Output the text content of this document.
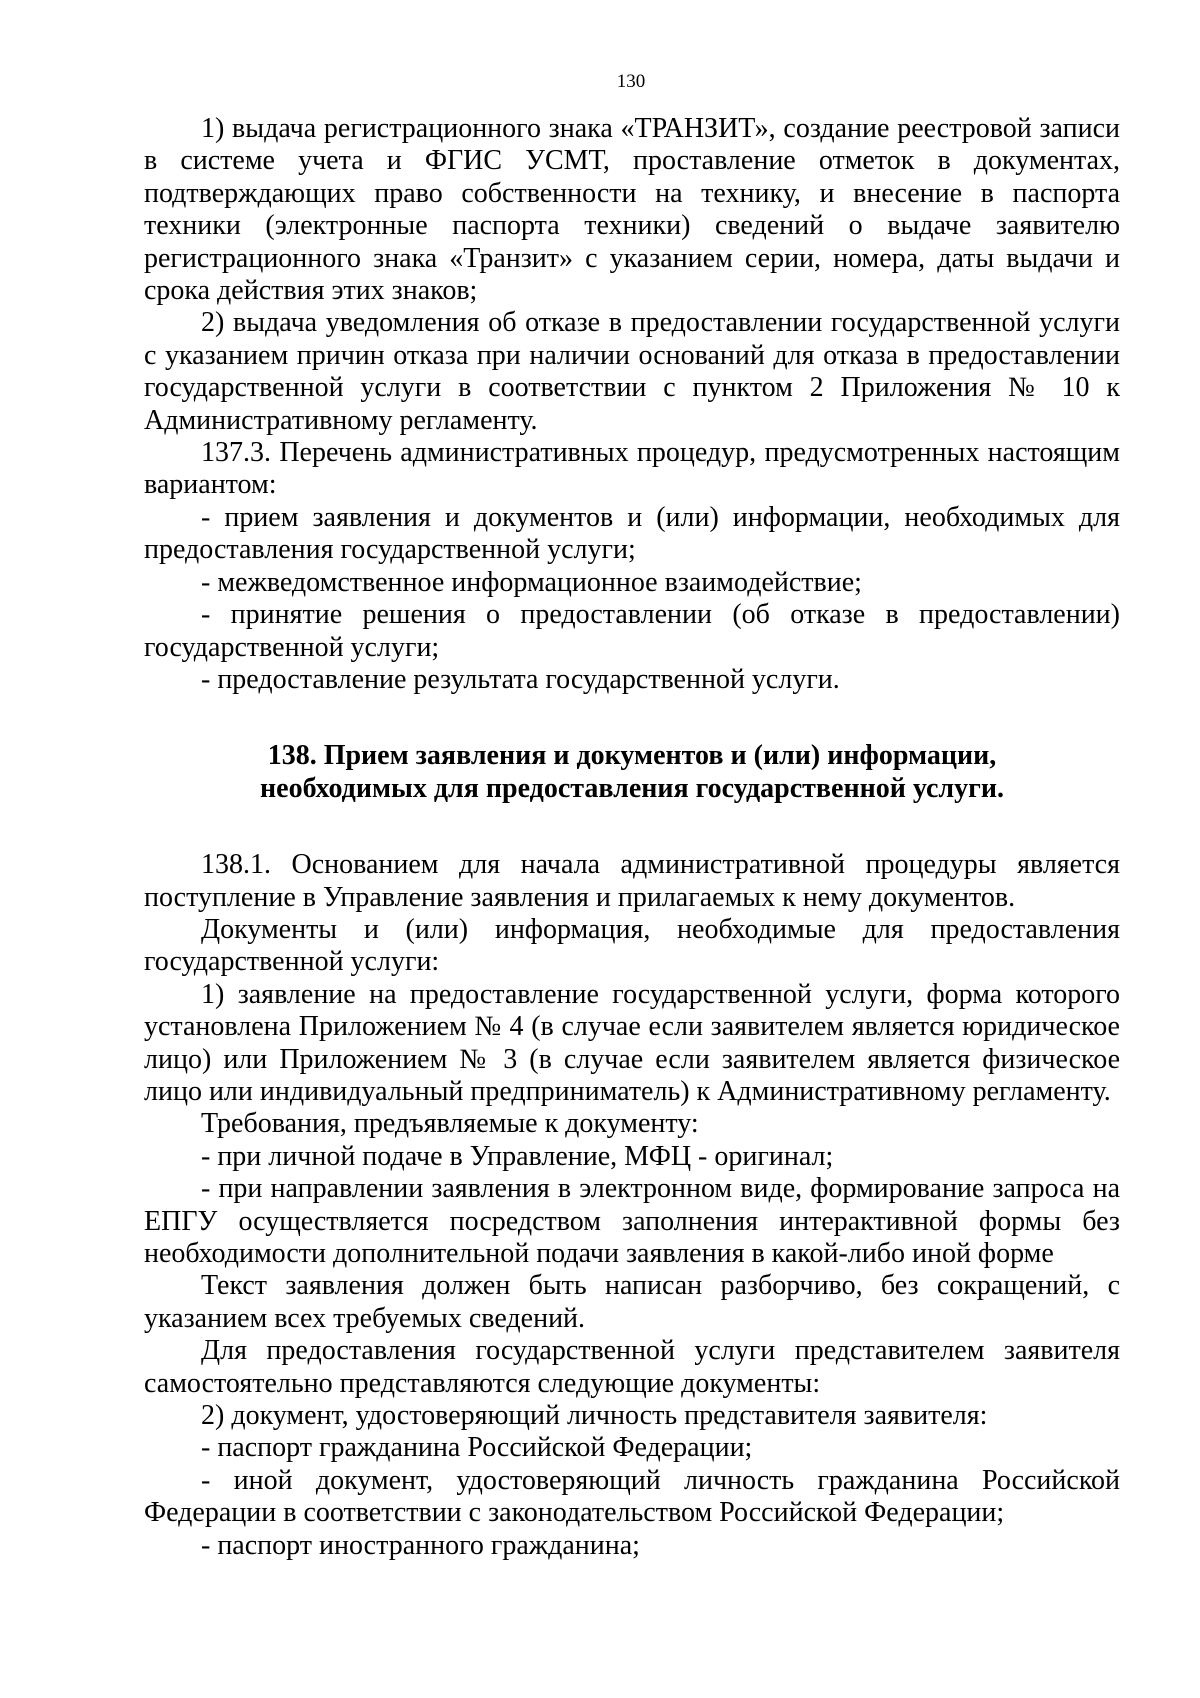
130

1) выдача регистрационного знака «ТРАНЗИТ», создание реестровой записи в системе учета и ФГИС УСМТ, проставление отметок в документах, подтверждающих право собственности на технику, и внесение в паспорта техники (электронные паспорта техники) сведений о выдаче заявителю регистрационного знака «Транзит» с указанием серии, номера, даты выдачи и срока действия этих знаков;

2) выдача уведомления об отказе в предоставлении государственной услуги с указанием причин отказа при наличии оснований для отказа в предоставлении государственной услуги в соответствии с пунктом 2 Приложения № 10 к Административному регламенту.

137.3. Перечень административных процедур, предусмотренных настоящим вариантом:

- прием заявления и документов и (или) информации, необходимых для предоставления государственной услуги;

- межведомственное информационное взаимодействие;

- принятие решения о предоставлении (об отказе в предоставлении) государственной услуги;

- предоставление результата государственной услуги.

138. Прием заявления и документов и (или) информации,
необходимых для предоставления государственной услуги.

138.1. Основанием для начала административной процедуры является поступление в Управление заявления и прилагаемых к нему документов.

Документы и (или) информация, необходимые для предоставления государственной услуги:

1) заявление на предоставление государственной услуги, форма которого установлена Приложением № 4 (в случае если заявителем является юридическое лицо) или Приложением № 3 (в случае если заявителем является физическое лицо или индивидуальный предприниматель) к Административному регламенту.

Требования, предъявляемые к документу:

- при личной подаче в Управление, МФЦ - оригинал;

- при направлении заявления в электронном виде, формирование запроса на ЕПГУ осуществляется посредством заполнения интерактивной формы без необходимости дополнительной подачи заявления в какой-либо иной форме

Текст заявления должен быть написан разборчиво, без сокращений, с указанием всех требуемых сведений.

Для предоставления государственной услуги представителем заявителя самостоятельно представляются следующие документы:

2) документ, удостоверяющий личность представителя заявителя:

- паспорт гражданина Российской Федерации;

- иной документ, удостоверяющий личность гражданина Российской Федерации в соответствии с законодательством Российской Федерации;

- паспорт иностранного гражданина;
